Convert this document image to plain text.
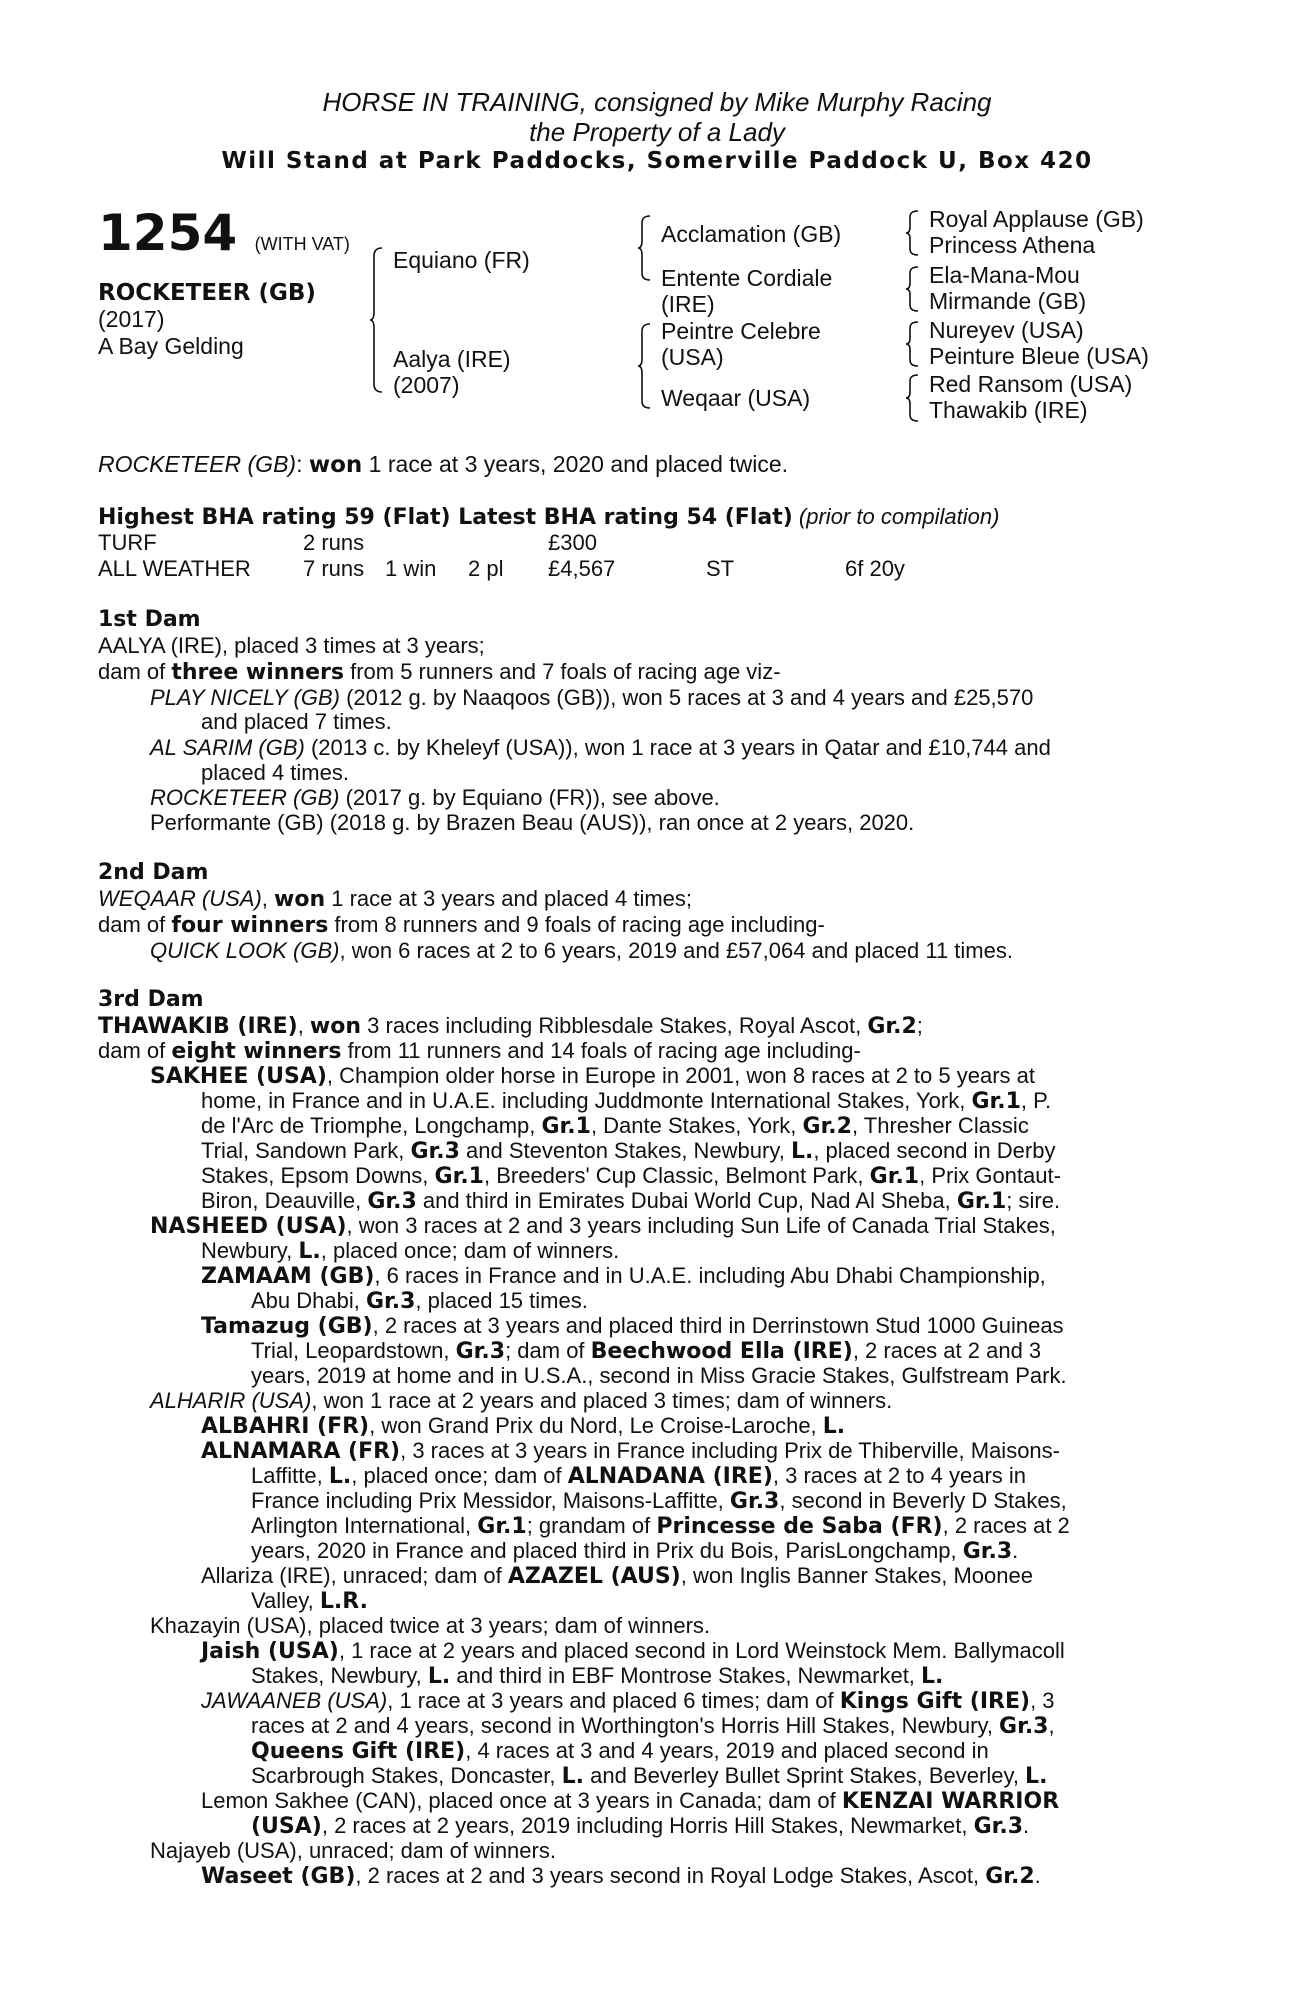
HORSE IN TRAINING, consigned by Mike Murphy Racing
the Property of a Lady
Will Stand at Park Paddocks, Somerville Paddock U, Box 420
1254 (WITH VAT)
ROCKETEER (GB)
(2017)
A Bay Gelding
Equiano (FR)
Aalya (IRE)
(2007)
Acclamation (GB)
Entente Cordiale
(IRE)
Peintre Celebre
(USA)
Weqaar (USA)
Royal Applause (GB)
Princess Athena
Ela-Mana-Mou
Mirmande (GB)
Nureyev (USA)
Peinture Bleue (USA)
Red Ransom (USA)
Thawakib (IRE)
ROCKETEER (GB): won 1 race at 3 years, 2020 and placed twice.
Highest BHA rating 59 (Flat) Latest BHA rating 54 (Flat) (prior to compilation)
TURF	2 runs	£300
ALL WEATHER 7 runs 1 win 2 pl £4,567	ST	6f 20y
1st Dam
AALYA (IRE), placed 3 times at 3 years;
dam of three winners from 5 runners and 7 foals of racing age viz-
PLAY NICELY (GB) (2012 g. by Naaqoos (GB)), won 5 races at 3 and 4 years and £25,570
and placed 7 times.
AL SARIM (GB) (2013 c. by Kheleyf (USA)), won 1 race at 3 years in Qatar and £10,744 and
placed 4 times.
ROCKETEER (GB) (2017 g. by Equiano (FR)), see above.
Performante (GB) (2018 g. by Brazen Beau (AUS)), ran once at 2 years, 2020.
2nd Dam
WEQAAR (USA), won 1 race at 3 years and placed 4 times;
dam of four winners from 8 runners and 9 foals of racing age including-
QUICK LOOK (GB), won 6 races at 2 to 6 years, 2019 and £57,064 and placed 11 times.
3rd Dam
THAWAKIB (IRE), won 3 races including Ribblesdale Stakes, Royal Ascot, Gr.2;
dam of eight winners from 11 runners and 14 foals of racing age including-
SAKHEE (USA), Champion older horse in Europe in 2001, won 8 races at 2 to 5 years at
home, in France and in U.A.E. including Juddmonte International Stakes, York, Gr.1, P.
de l'Arc de Triomphe, Longchamp, Gr.1, Dante Stakes, York, Gr.2, Thresher Classic
Trial, Sandown Park, Gr.3 and Steventon Stakes, Newbury, L., placed second in Derby
Stakes, Epsom Downs, Gr.1, Breeders' Cup Classic, Belmont Park, Gr.1, Prix Gontaut-
Biron, Deauville, Gr.3 and third in Emirates Dubai World Cup, Nad Al Sheba, Gr.1; sire.
NASHEED (USA), won 3 races at 2 and 3 years including Sun Life of Canada Trial Stakes,
Newbury, L., placed once; dam of winners.
ZAMAAM (GB), 6 races in France and in U.A.E. including Abu Dhabi Championship,
Abu Dhabi, Gr.3, placed 15 times.
Tamazug (GB), 2 races at 3 years and placed third in Derrinstown Stud 1000 Guineas
Trial, Leopardstown, Gr.3; dam of Beechwood Ella (IRE), 2 races at 2 and 3
years, 2019 at home and in U.S.A., second in Miss Gracie Stakes, Gulfstream Park.
ALHARIR (USA), won 1 race at 2 years and placed 3 times; dam of winners.
ALBAHRI (FR), won Grand Prix du Nord, Le Croise-Laroche, L.
ALNAMARA (FR), 3 races at 3 years in France including Prix de Thiberville, Maisons-
Laffitte, L., placed once; dam of ALNADANA (IRE), 3 races at 2 to 4 years in
France including Prix Messidor, Maisons-Laffitte, Gr.3, second in Beverly D Stakes,
Arlington International, Gr.1; grandam of Princesse de Saba (FR), 2 races at 2
years, 2020 in France and placed third in Prix du Bois, ParisLongchamp, Gr.3.
Allariza (IRE), unraced; dam of AZAZEL (AUS), won Inglis Banner Stakes, Moonee
Valley, L.R.
Khazayin (USA), placed twice at 3 years; dam of winners.
Jaish (USA), 1 race at 2 years and placed second in Lord Weinstock Mem. Ballymacoll
Stakes, Newbury, L. and third in EBF Montrose Stakes, Newmarket, L.
JAWAANEB (USA), 1 race at 3 years and placed 6 times; dam of Kings Gift (IRE), 3
races at 2 and 4 years, second in Worthington's Horris Hill Stakes, Newbury, Gr.3,
Queens Gift (IRE), 4 races at 3 and 4 years, 2019 and placed second in
Scarbrough Stakes, Doncaster, L. and Beverley Bullet Sprint Stakes, Beverley, L.
Lemon Sakhee (CAN), placed once at 3 years in Canada; dam of KENZAI WARRIOR
(USA), 2 races at 2 years, 2019 including Horris Hill Stakes, Newmarket, Gr.3.
Najayeb (USA), unraced; dam of winners.
Waseet (GB), 2 races at 2 and 3 years second in Royal Lodge Stakes, Ascot, Gr.2.
